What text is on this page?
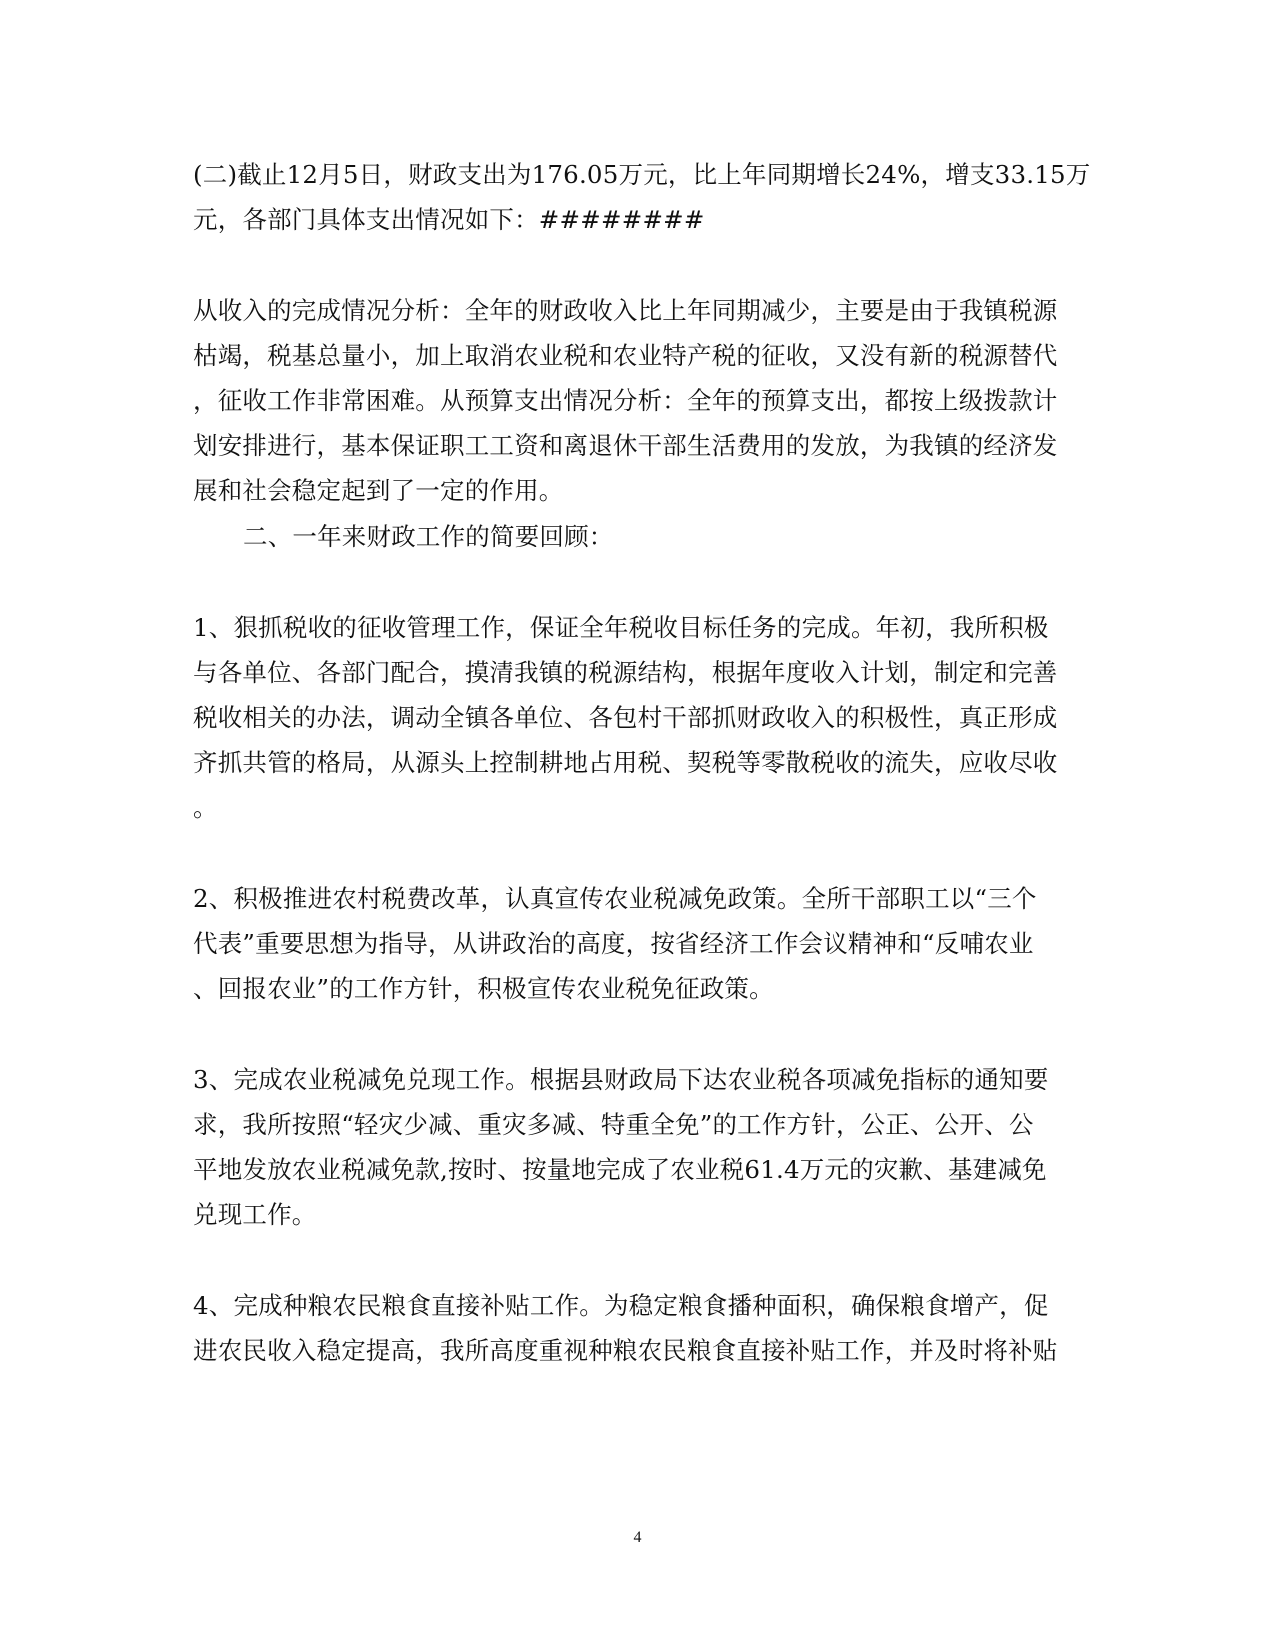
(二)截止12月5日，财政支出为176.05万元，比上年同期增长24%，增支33.15万
元，各部门具体支出情况如下：########
从收入的完成情况分析：全年的财政收入比上年同期减少，主要是由于我镇税源
枯竭，税基总量小，加上取消农业税和农业特产税的征收，又没有新的税源替代
，征收工作非常困难。从预算支出情况分析：全年的预算支出，都按上级拨款计
划安排进行，基本保证职工工资和离退休干部生活费用的发放，为我镇的经济发
展和社会稳定起到了一定的作用。
二、一年来财政工作的简要回顾：
1、狠抓税收的征收管理工作，保证全年税收目标任务的完成。年初，我所积极
与各单位、各部门配合，摸清我镇的税源结构，根据年度收入计划，制定和完善
税收相关的办法，调动全镇各单位、各包村干部抓财政收入的积极性，真正形成
齐抓共管的格局，从源头上控制耕地占用税、契税等零散税收的流失，应收尽收
。
2、积极推进农村税费改革，认真宣传农业税减免政策。全所干部职工以“三个
代表”重要思想为指导，从讲政治的高度，按省经济工作会议精神和“反哺农业
、回报农业”的工作方针，积极宣传农业税免征政策。
3、完成农业税减免兑现工作。根据县财政局下达农业税各项减免指标的通知要
求，我所按照“轻灾少减、重灾多减、特重全免”的工作方针，公正、公开、公
平地发放农业税减免款,按时、按量地完成了农业税61.4万元的灾歉、基建减免
兑现工作。
4、完成种粮农民粮食直接补贴工作。为稳定粮食播种面积，确保粮食增产，促
进农民收入稳定提高，我所高度重视种粮农民粮食直接补贴工作，并及时将补贴
4
